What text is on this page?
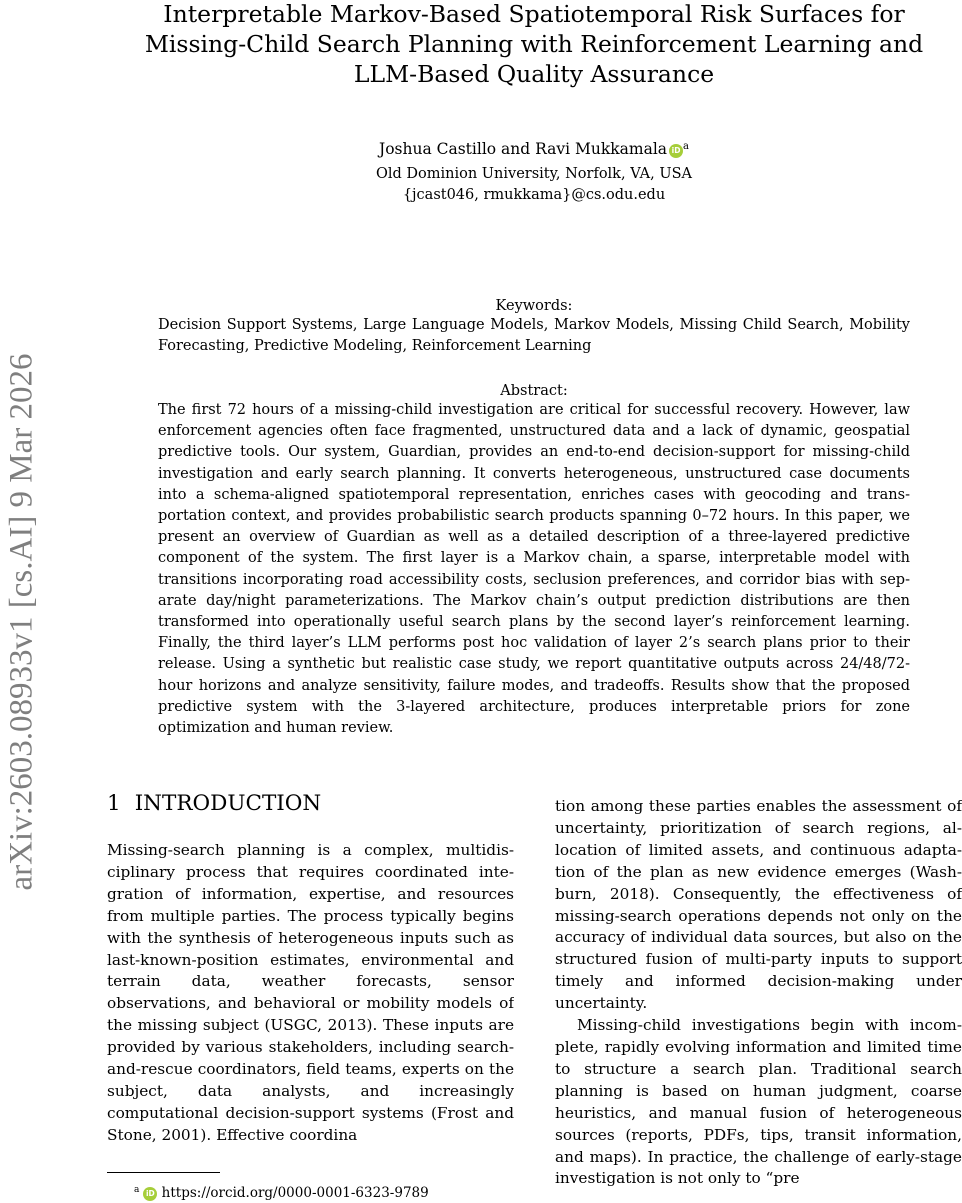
Interpretable Markov-Based Spatiotemporal Risk Surfaces for
Missing-Child Search Planning with Reinforcement Learning and
LLM-Based Quality Assurance
Joshua Castillo and Ravi Mukkamala iD $^a$
Old Dominion University, Norfolk, VA, USA
{jcast046, rmukkama}@cs.odu.edu
arXiv:2603.08933v1 [cs.AI] 9 Mar 2026
Keywords:
Decision Support Systems, Large Language Models, Markov Models, Missing Child Search, Mobility Forecasting, Predictive Modeling, Reinforcement Learning
Abstract:
The first 72 hours of a missing-child investigation are critical for successful recovery. However, law enforcement agencies often face fragmented, unstructured data and a lack of dynamic, geospatial predictive tools. Our system, Guardian, provides an end-to-end decision-support for missing-child investigation and early search planning. It converts heterogeneous, unstructured case documents into a schema-aligned spatiotemporal representation, enriches cases with geocoding and transportation context, and provides probabilistic search products spanning 0–72 hours. In this paper, we present an overview of Guardian as well as a detailed description of a three-layered predictive component of the system. The first layer is a Markov chain, a sparse, interpretable model with transitions incorporating road accessibility costs, seclusion preferences, and corridor bias with separate day/night parameterizations. The Markov chain’s output prediction distributions are then transformed into operationally useful search plans by the second layer’s reinforcement learning. Finally, the third layer’s LLM performs post hoc validation of layer 2’s search plans prior to their release. Using a synthetic but realistic case study, we report quantitative outputs across 24/48/72-hour horizons and analyze sensitivity, failure modes, and tradeoffs. Results show that the proposed predictive system with the 3-layered architecture, produces interpretable priors for zone optimization and human review.
1 INTRODUCTION

Missing-search planning is a complex, multidisciplinary process that requires coordinated integration of information, expertise, and resources from multiple parties. The process typically begins with the synthesis of heterogeneous inputs such as last-known-position estimates, environmental and terrain data, weather forecasts, sensor observations, and behavioral or mobility models of the missing subject (USGC, 2013). These inputs are provided by various stakeholders, including search-and-rescue coordinators, field teams, experts on the subject, data analysts, and increasingly computational decision-support systems (Frost and Stone, 2001). Effective coordina

tion among these parties enables the assessment of uncertainty, prioritization of search regions, allocation of limited assets, and continuous adaptation of the plan as new evidence emerges (Washburn, 2018). Consequently, the effectiveness of missing-search operations depends not only on the accuracy of individual data sources, but also on the structured fusion of multi-party inputs to support timely and informed decision-making under uncertainty.

Missing-child investigations begin with incomplete, rapidly evolving information and limited time to structure a search plan. Traditional search planning is based on human judgment, coarse heuristics, and manual fusion of heterogeneous sources (reports, PDFs, tips, transit information, and maps). In practice, the challenge of early-stage investigation is not only to “pre

$^a$ iD https://orcid.org/0000-0001-6323-9789
